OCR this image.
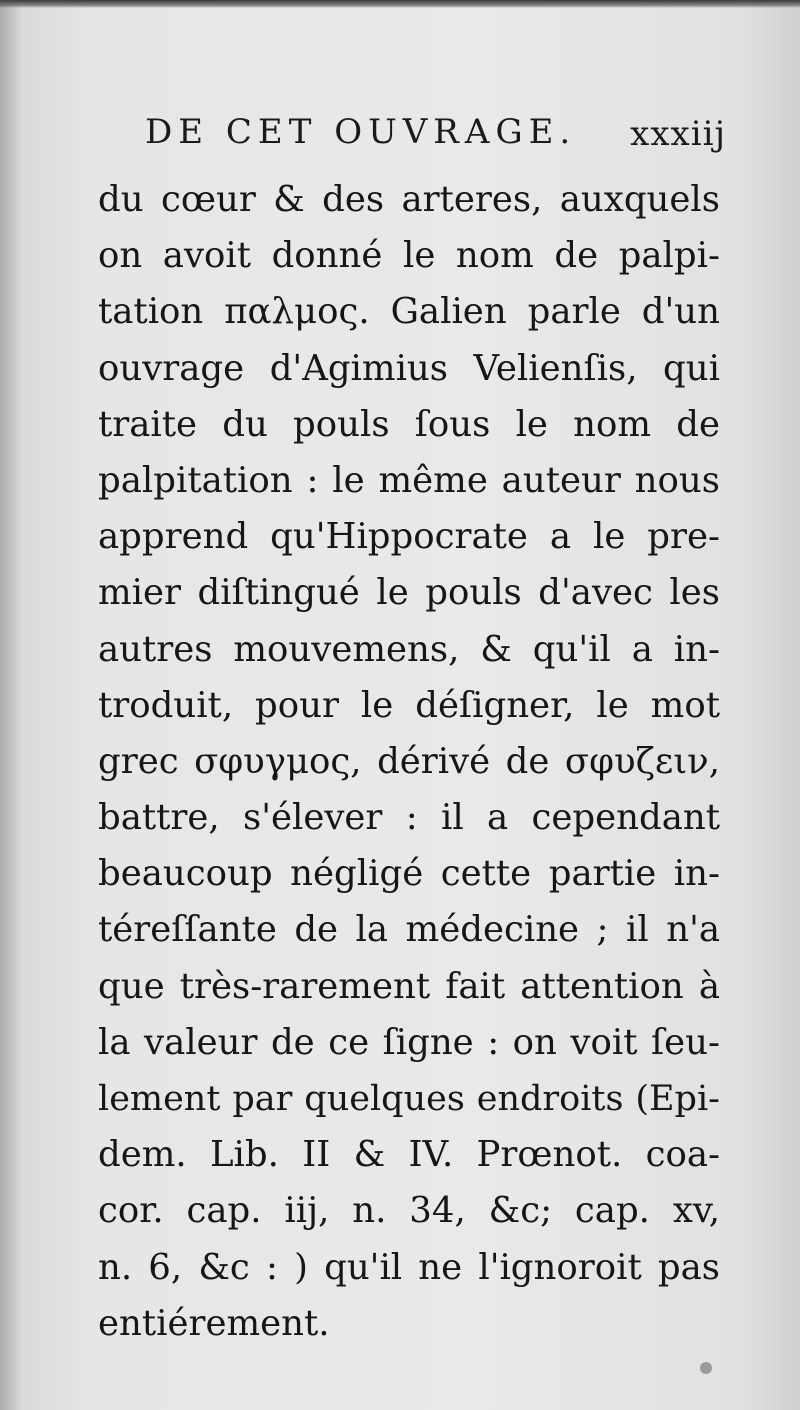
DE CET OUVRAGE. xxxiij
du cœur & des arteres, auxquels
on avoit donné le nom de palpi-
tation παλμος. Galien parle d'un
ouvrage d'Agimius Velienſis, qui
traite du pouls ſous le nom de
palpitation : le même auteur nous
apprend qu'Hippocrate a le pre-
mier diſtingué le pouls d'avec les
autres mouvemens, & qu'il a in-
troduit, pour le déſigner, le mot
grec σφυγμος, dérivé de σφυζειν,
battre, s'élever : il a cependant
beaucoup négligé cette partie in-
téreſſante de la médecine ; il n'a
que très-rarement fait attention à
la valeur de ce ſigne : on voit ſeu-
lement par quelques endroits (Epi-
dem. Lib. II & IV. Prœnot. coa-
cor. cap. iij, n. 34, &c; cap. xv,
n. 6, &c : ) qu'il ne l'ignoroit pas
entiérement.
